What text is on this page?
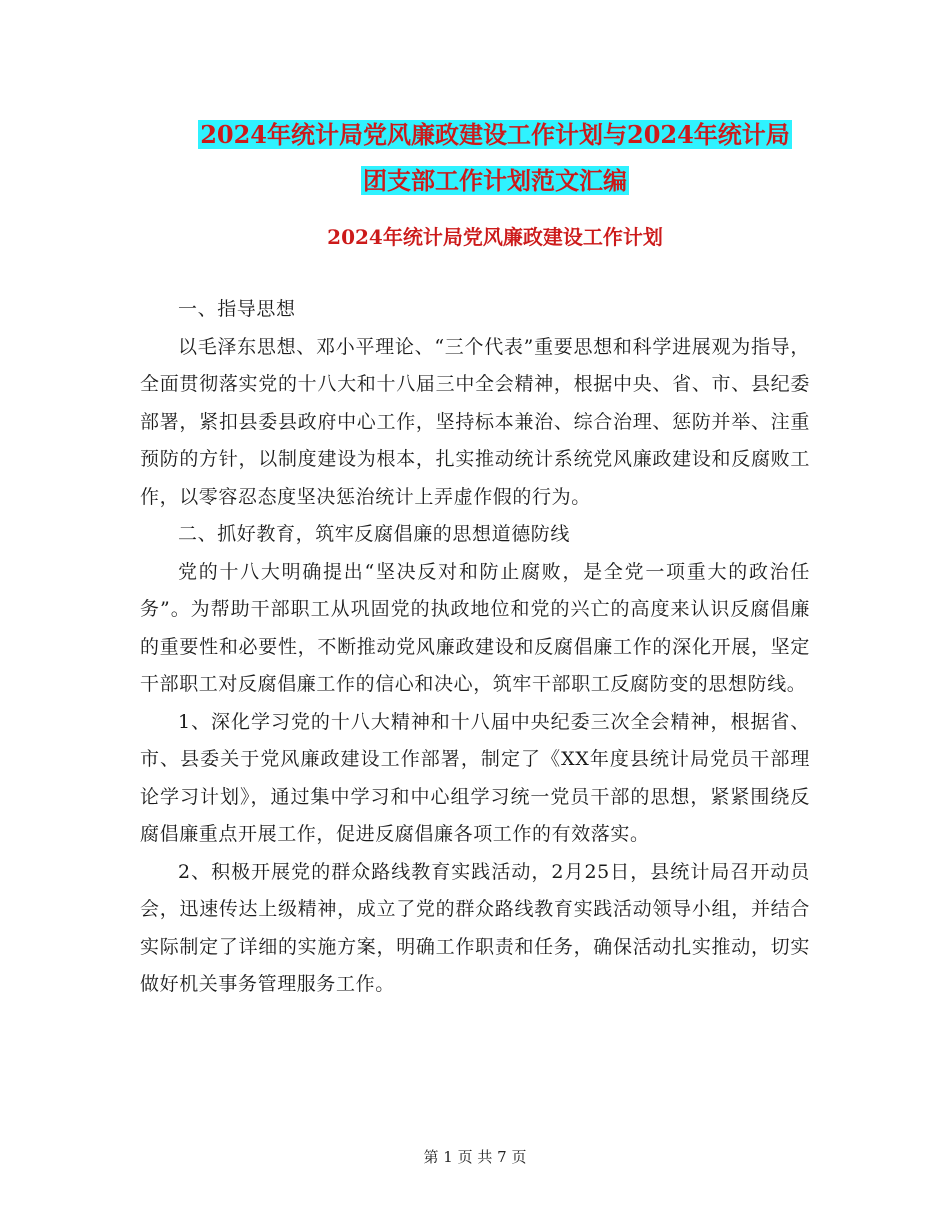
2024年统计局党风廉政建设工作计划与2024年统计局
团支部工作计划范文汇编
2024年统计局党风廉政建设工作计划

一、指导思想

以毛泽东思想、邓小平理论、“三个代表”重要思想和科学进展观为指导，全面贯彻落实党的十八大和十八届三中全会精神，根据中央、省、市、县纪委部署，紧扣县委县政府中心工作，坚持标本兼治、综合治理、惩防并举、注重预防的方针，以制度建设为根本，扎实推动统计系统党风廉政建设和反腐败工作，以零容忍态度坚决惩治统计上弄虚作假的行为。

二、抓好教育，筑牢反腐倡廉的思想道德防线

党的十八大明确提出“坚决反对和防止腐败，是全党一项重大的政治任务”。为帮助干部职工从巩固党的执政地位和党的兴亡的高度来认识反腐倡廉的重要性和必要性，不断推动党风廉政建设和反腐倡廉工作的深化开展，坚定干部职工对反腐倡廉工作的信心和决心，筑牢干部职工反腐防变的思想防线。

1、深化学习党的十八大精神和十八届中央纪委三次全会精神，根据省、市、县委关于党风廉政建设工作部署，制定了《XX年度县统计局党员干部理论学习计划》，通过集中学习和中心组学习统一党员干部的思想，紧紧围绕反腐倡廉重点开展工作，促进反腐倡廉各项工作的有效落实。

2、积极开展党的群众路线教育实践活动，2月25日，县统计局召开动员会，迅速传达上级精神，成立了党的群众路线教育实践活动领导小组，并结合实际制定了详细的实施方案，明确工作职责和任务，确保活动扎实推动，切实做好机关事务管理服务工作。

第 1 页 共 7 页
